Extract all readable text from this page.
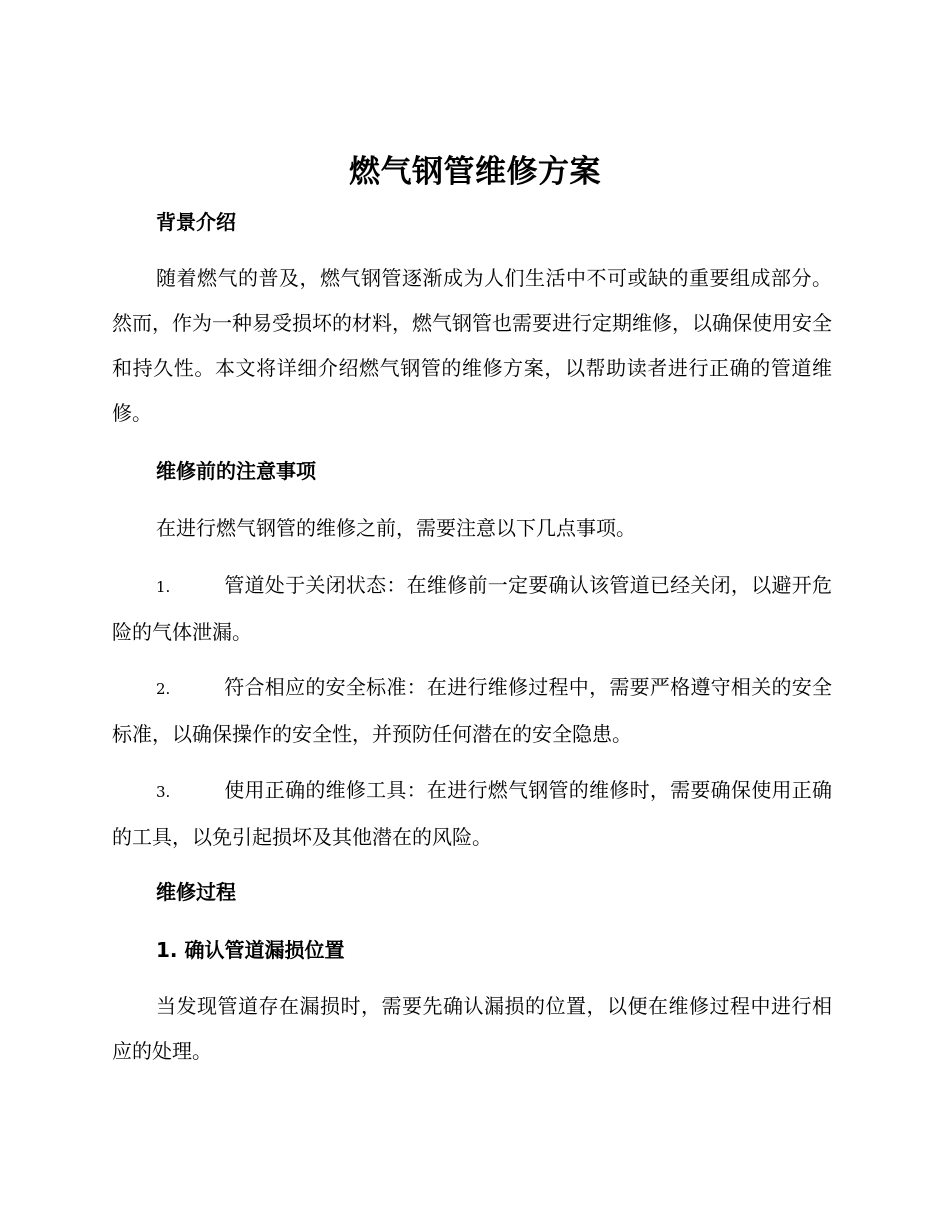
燃气钢管维修方案
背景介绍

随着燃气的普及，燃气钢管逐渐成为人们生活中不可或缺的重要组成部分。然而，作为一种易受损坏的材料，燃气钢管也需要进行定期维修，以确保使用安全和持久性。本文将详细介绍燃气钢管的维修方案，以帮助读者进行正确的管道维修。

维修前的注意事项

在进行燃气钢管的维修之前，需要注意以下几点事项。

1.	管道处于关闭状态：在维修前一定要确认该管道已经关闭，以避开危险的气体泄漏。

2.	符合相应的安全标准：在进行维修过程中，需要严格遵守相关的安全标准，以确保操作的安全性，并预防任何潜在的安全隐患。

3.	使用正确的维修工具：在进行燃气钢管的维修时，需要确保使用正确的工具，以免引起损坏及其他潜在的风险。

维修过程
1. 确认管道漏损位置

当发现管道存在漏损时，需要先确认漏损的位置，以便在维修过程中进行相应的处理。
